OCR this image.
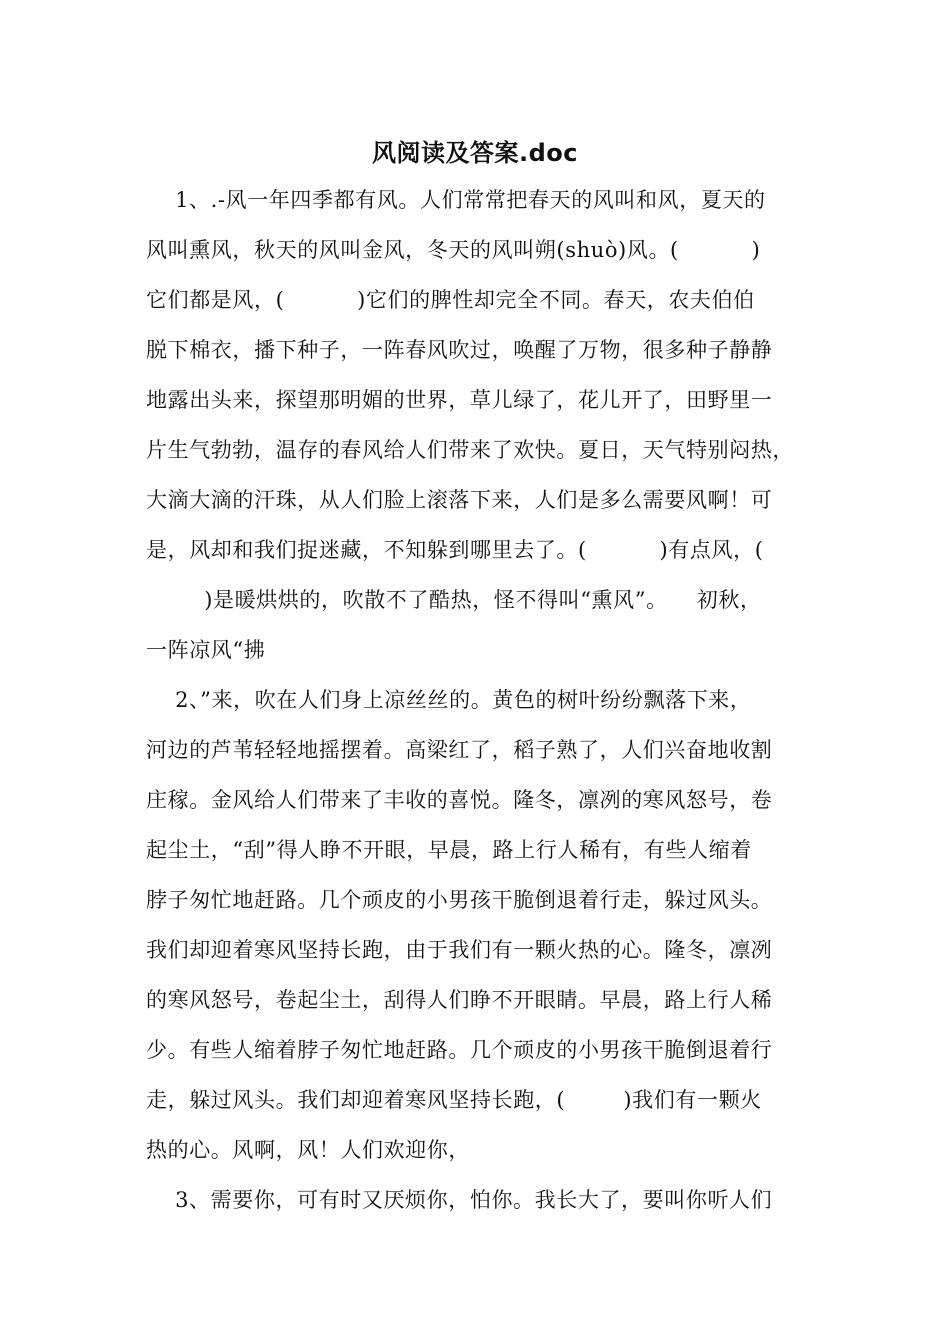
风阅读及答案.doc
1、.-风一年四季都有风。人们常常把春天的风叫和风，夏天的
风叫熏风，秋天的风叫金风，冬天的风叫朔(shuò)风。(          )
它们都是风，(          )它们的脾性却完全不同。春天，农夫伯伯
脱下棉衣，播下种子，一阵春风吹过，唤醒了万物，很多种子静静
地露出头来，探望那明媚的世界，草儿绿了，花儿开了，田野里一
片生气勃勃，温存的春风给人们带来了欢快。夏日，天气特别闷热，
大滴大滴的汗珠，从人们脸上滚落下来，人们是多么需要风啊！可
是，风却和我们捉迷藏，不知躲到哪里去了。(          )有点风，(
)是暖烘烘的，吹散不了酷热，怪不得叫“熏风”。    初秋，
一阵凉风“拂
2、”来，吹在人们身上凉丝丝的。黄色的树叶纷纷飘落下来，
河边的芦苇轻轻地摇摆着。高梁红了，稻子熟了，人们兴奋地收割
庄稼。金风给人们带来了丰收的喜悦。隆冬，凛冽的寒风怒号，卷
起尘土，“刮”得人睁不开眼，早晨，路上行人稀有，有些人缩着
脖子匆忙地赶路。几个顽皮的小男孩干脆倒退着行走，躲过风头。
我们却迎着寒风坚持长跑，由于我们有一颗火热的心。隆冬，凛冽
的寒风怒号，卷起尘土，刮得人们睁不开眼睛。早晨，路上行人稀
少。有些人缩着脖子匆忙地赶路。几个顽皮的小男孩干脆倒退着行
走，躲过风头。我们却迎着寒风坚持长跑，(        )我们有一颗火
热的心。风啊，风！人们欢迎你，
3、需要你，可有时又厌烦你，怕你。我长大了，要叫你听人们
